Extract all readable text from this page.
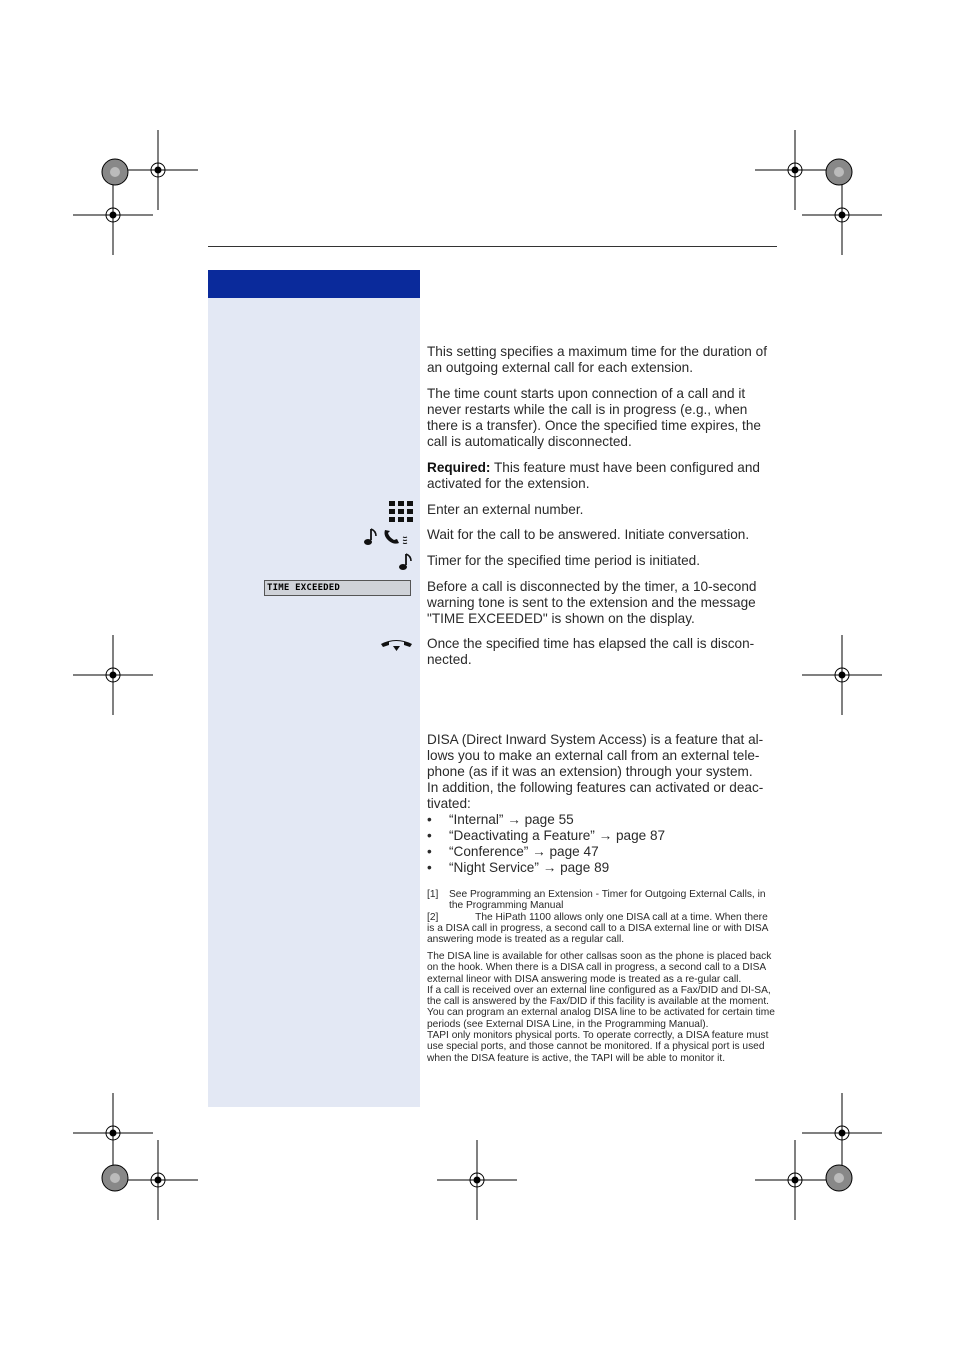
This setting specifies a maximum time for the duration of an outgoing external call for each extension.

The time count starts upon connection of a call and it never restarts while the call is in progress (e.g., when there is a transfer). Once the specified time expires, the call is automatically disconnected.

Required: This feature must have been configured and activated for the extension.

Enter an external number.

Wait for the call to be answered. Initiate conversation.

Timer for the specified time period is initiated.

TIME EXCEEDED	Before a call is disconnected by the timer, a 10-second warning tone is sent to the extension and the message "TIME EXCEEDED" is shown on the display.

Once the specified time has elapsed the call is discon-nected.

DISA (Direct Inward System Access) is a feature that al-lows you to make an external call from an external tele-phone (as if it was an extension) through your system.

In addition, the following features can activated or deac-tivated:

• “Internal” → page 55
• “Deactivating a Feature” → page 87
• “Conference” → page 47
• “Night Service” → page 89
[1] See Programming an Extension - Timer for Outgoing External Calls, in the Programming Manual
[2]	The HiPath 1100 allows only one DISA call at a time. When there is a DISA call in progress, a second call to a DISA external line or with DISA answering mode is treated as a regular call.

The DISA line is available for other callsas soon as the phone is placed back on the hook. When there is a DISA call in progress, a second call to a DISA external lineor with DISA answering mode is treated as a re-gular call.

If a call is received over an external line configured as a Fax/DID and DI-SA, the call is answered by the Fax/DID if this facility is available at the moment.

You can program an external analog DISA line to be activated for certain time periods (see External DISA Line, in the Programming Manual).

TAPI only monitors physical ports. To operate correctly, a DISA feature must use special ports, and those cannot be monitored. If a physical port is used when the DISA feature is active, the TAPI will be able to monitor it.
